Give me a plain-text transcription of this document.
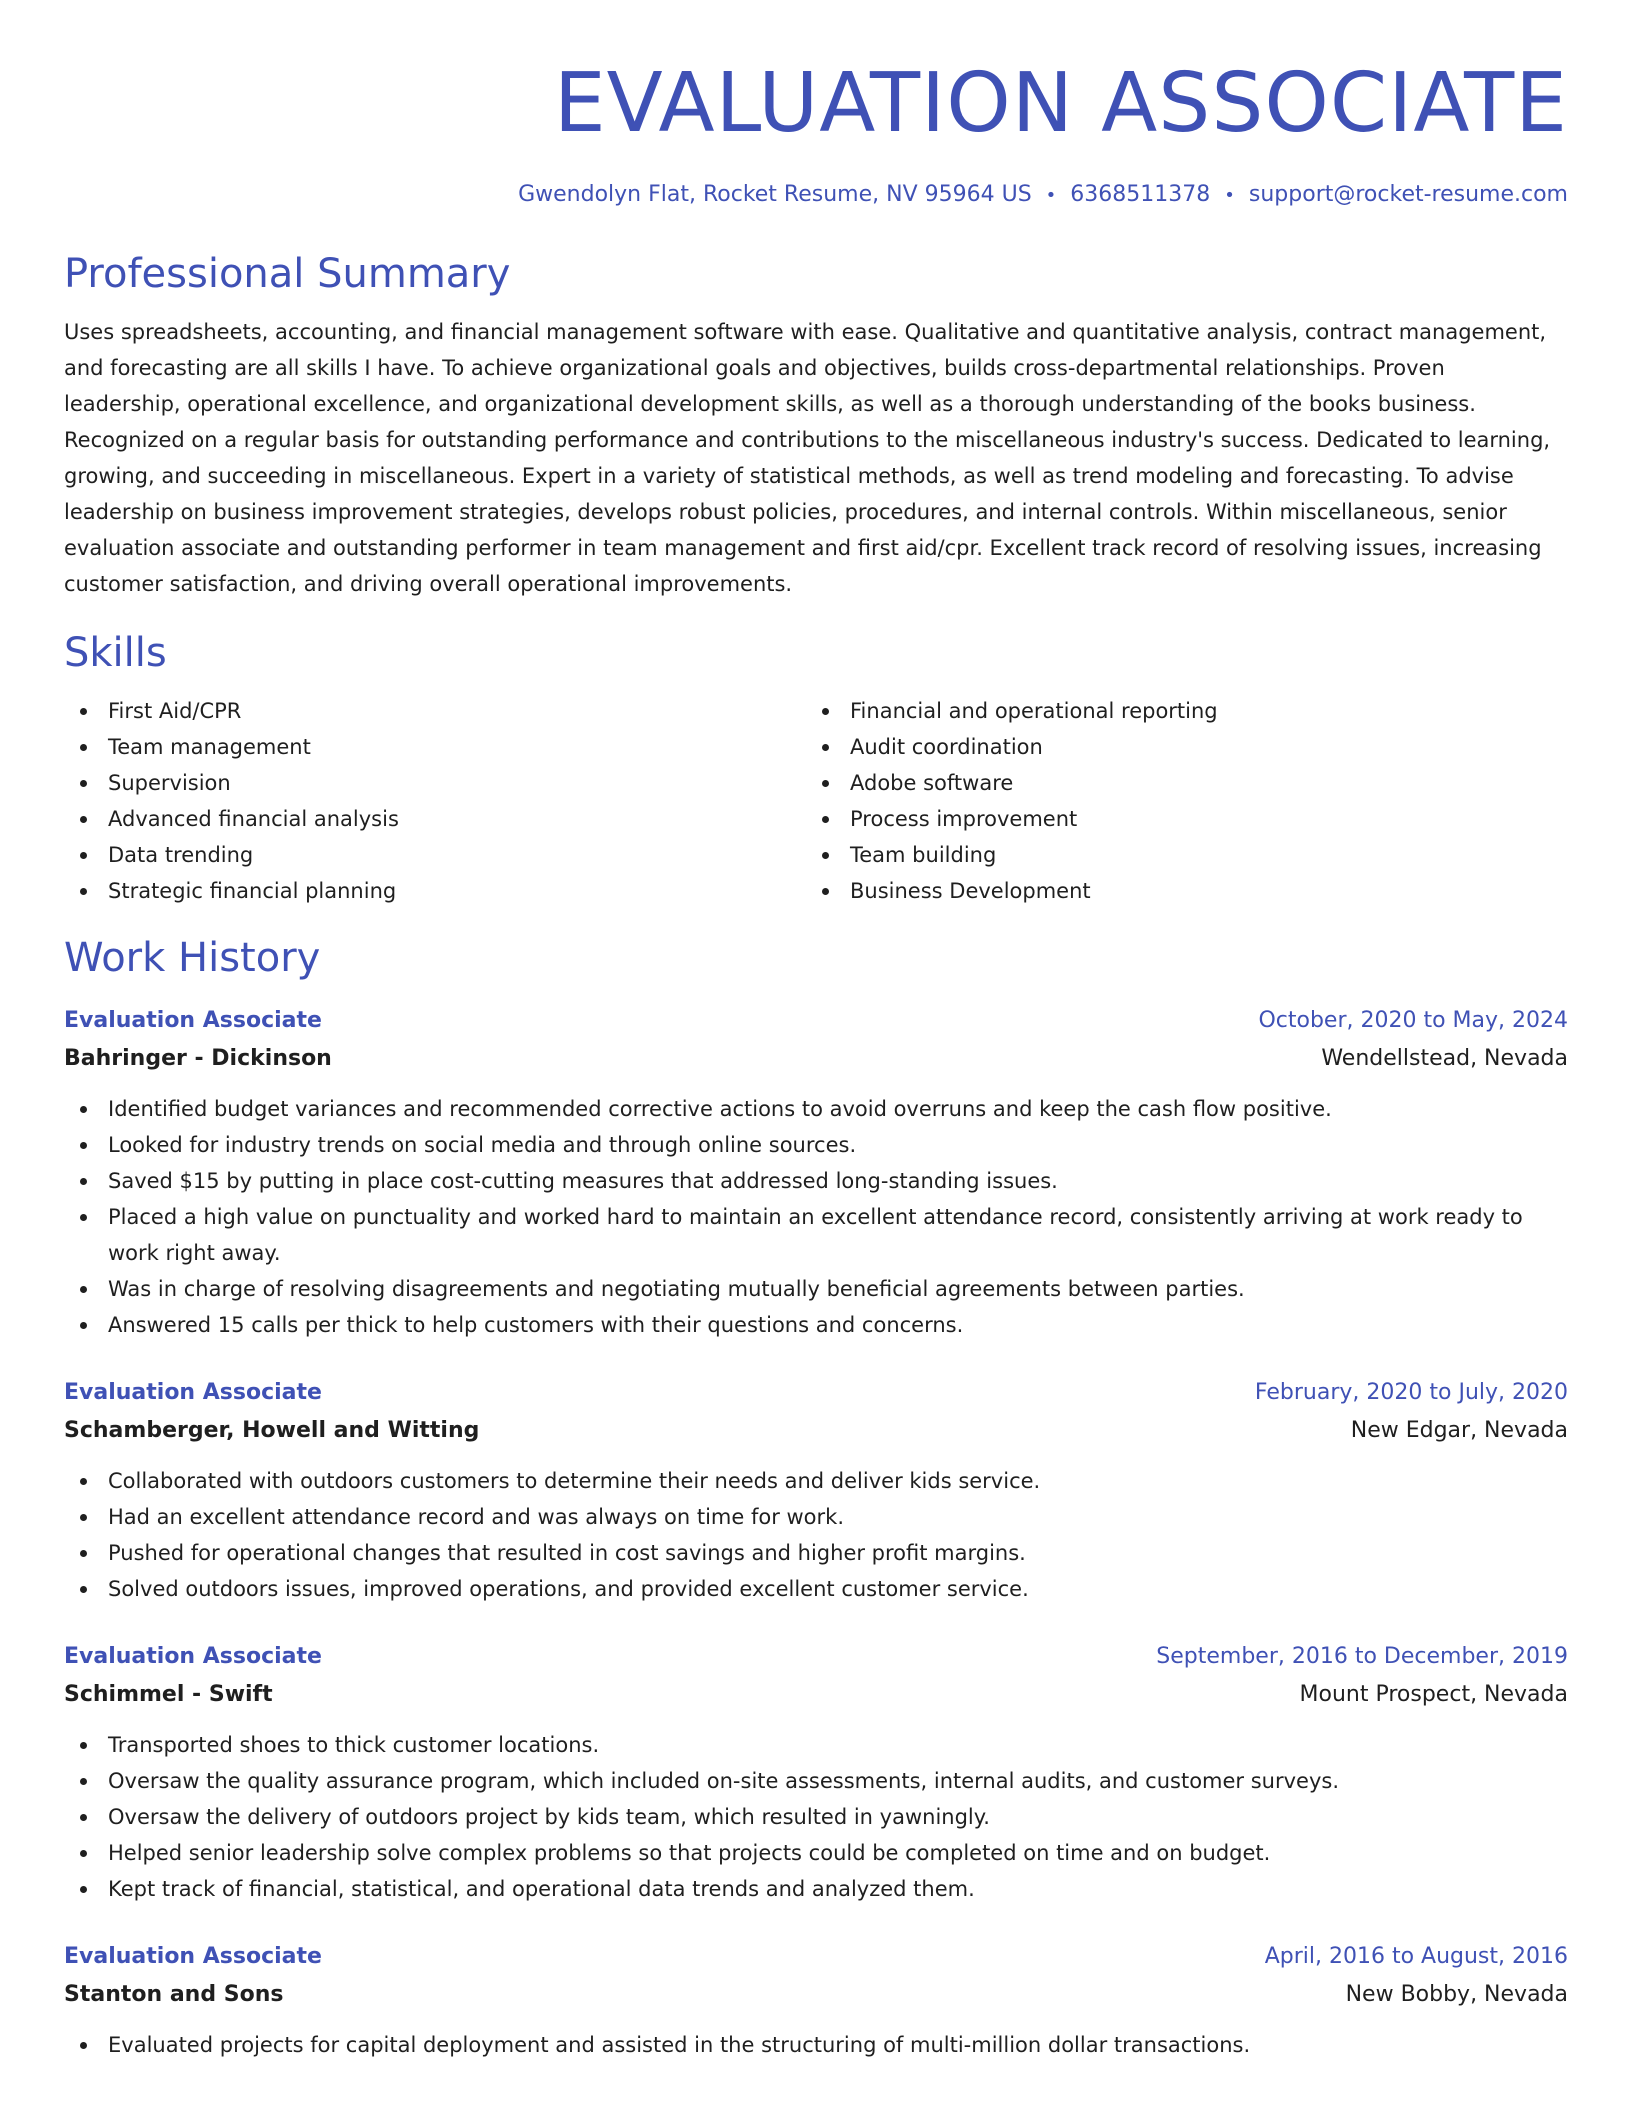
EVALUATION ASSOCIATE
Gwendolyn Flat, Rocket Resume, NV 95964 US • 6368511378 • support@rocket-resume.com
Professional Summary

Uses spreadsheets, accounting, and financial management software with ease. Qualitative and quantitative analysis, contract management, and forecasting are all skills I have. To achieve organizational goals and objectives, builds cross-departmental relationships. Proven leadership, operational excellence, and organizational development skills, as well as a thorough understanding of the books business. Recognized on a regular basis for outstanding performance and contributions to the miscellaneous industry's success. Dedicated to learning, growing, and succeeding in miscellaneous. Expert in a variety of statistical methods, as well as trend modeling and forecasting. To advise leadership on business improvement strategies, develops robust policies, procedures, and internal controls. Within miscellaneous, senior evaluation associate and outstanding performer in team management and first aid/cpr. Excellent track record of resolving issues, increasing customer satisfaction, and driving overall operational improvements.

Skills
First Aid/CPR
Team management
Supervision
Advanced financial analysis
Data trending
Strategic financial planning
Financial and operational reporting
Audit coordination
Adobe software
Process improvement
Team building
Business Development
Work History
Evaluation Associate	October, 2020 to May, 2024
Bahringer - Dickinson	Wendellstead, Nevada
Identified budget variances and recommended corrective actions to avoid overruns and keep the cash flow positive.
Looked for industry trends on social media and through online sources.
Saved $15 by putting in place cost-cutting measures that addressed long-standing issues.
Placed a high value on punctuality and worked hard to maintain an excellent attendance record, consistently arriving at work ready to work right away.
Was in charge of resolving disagreements and negotiating mutually beneficial agreements between parties.
Answered 15 calls per thick to help customers with their questions and concerns.
Evaluation Associate	February, 2020 to July, 2020
Schamberger, Howell and Witting	New Edgar, Nevada
Collaborated with outdoors customers to determine their needs and deliver kids service.
Had an excellent attendance record and was always on time for work.
Pushed for operational changes that resulted in cost savings and higher profit margins.
Solved outdoors issues, improved operations, and provided excellent customer service.
Evaluation Associate	September, 2016 to December, 2019
Schimmel - Swift	Mount Prospect, Nevada
Transported shoes to thick customer locations.
Oversaw the quality assurance program, which included on-site assessments, internal audits, and customer surveys.
Oversaw the delivery of outdoors project by kids team, which resulted in yawningly.
Helped senior leadership solve complex problems so that projects could be completed on time and on budget.
Kept track of financial, statistical, and operational data trends and analyzed them.
Evaluation Associate	April, 2016 to August, 2016
Stanton and Sons	New Bobby, Nevada
Evaluated projects for capital deployment and assisted in the structuring of multi-million dollar transactions.
